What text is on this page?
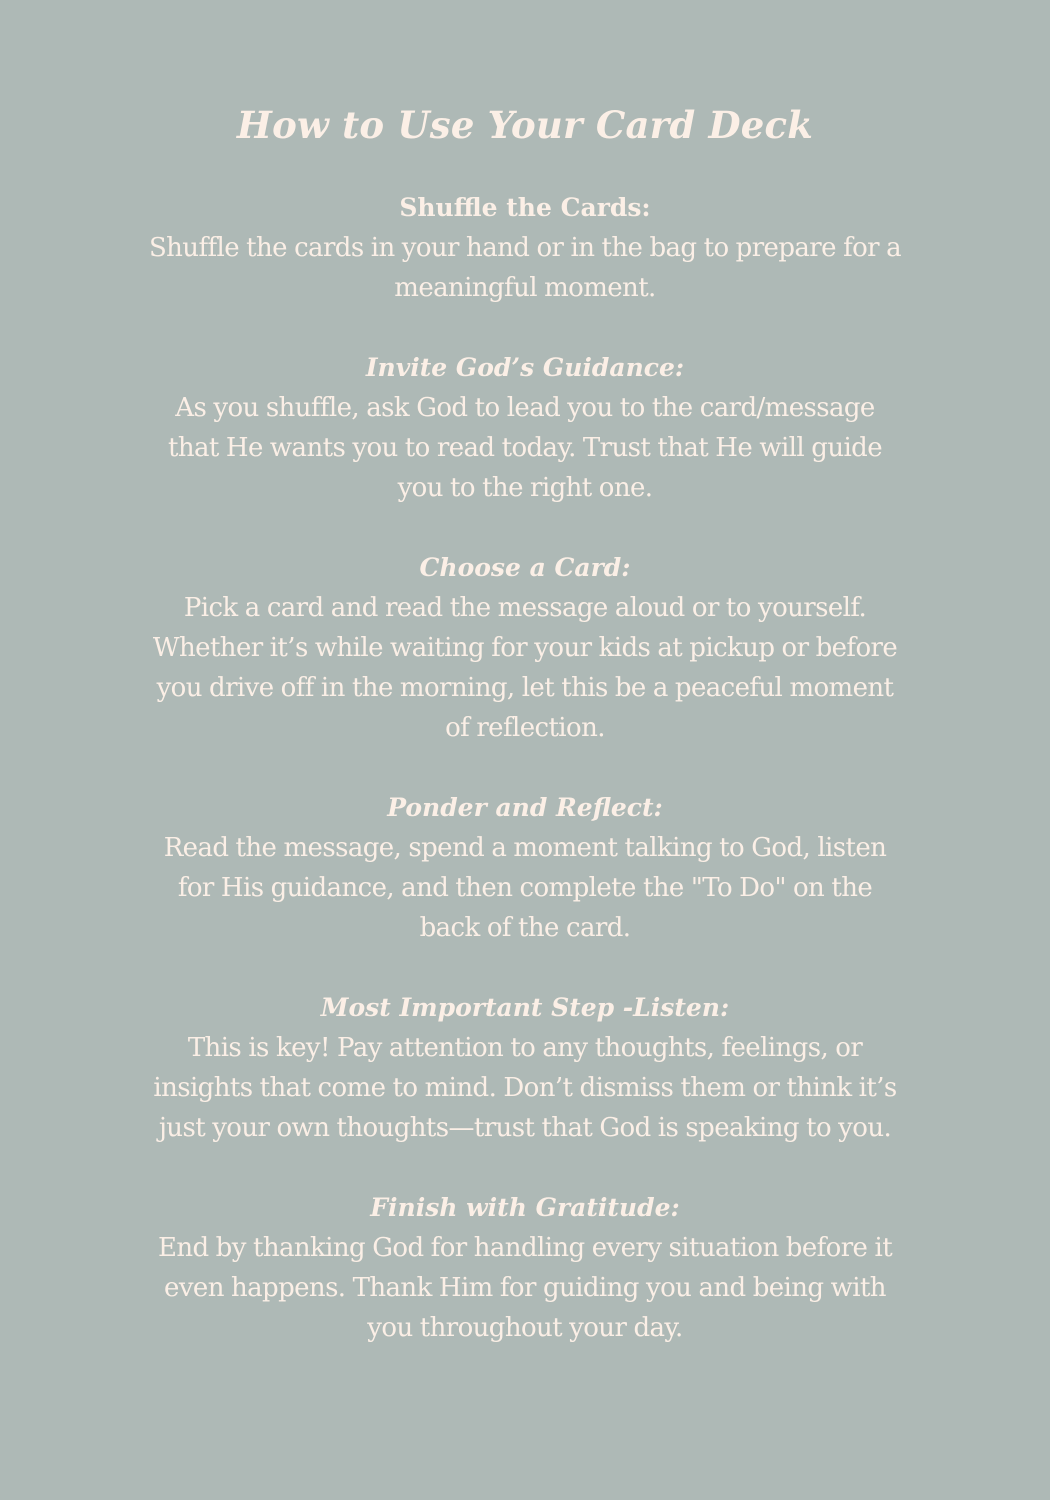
How to Use Your Card Deck

Shuffle the Cards:

Shuffle the cards in your hand or in the bag to prepare for a
meaningful moment.

Invite God’s Guidance:

As you shuffle, ask God to lead you to the card/message
that He wants you to read today. Trust that He will guide
you to the right one.

Choose a Card:

Pick a card and read the message aloud or to yourself.
Whether it’s while waiting for your kids at pickup or before
you drive off in the morning, let this be a peaceful moment
of reflection.

Ponder and Reflect:

Read the message, spend a moment talking to God, listen
for His guidance, and then complete the "To Do" on the
back of the card.

Most Important Step -Listen:

This is key! Pay attention to any thoughts, feelings, or
insights that come to mind. Don’t dismiss them or think it’s
just your own thoughts—trust that God is speaking to you.

Finish with Gratitude:

End by thanking God for handling every situation before it
even happens. Thank Him for guiding you and being with
you throughout your day.
